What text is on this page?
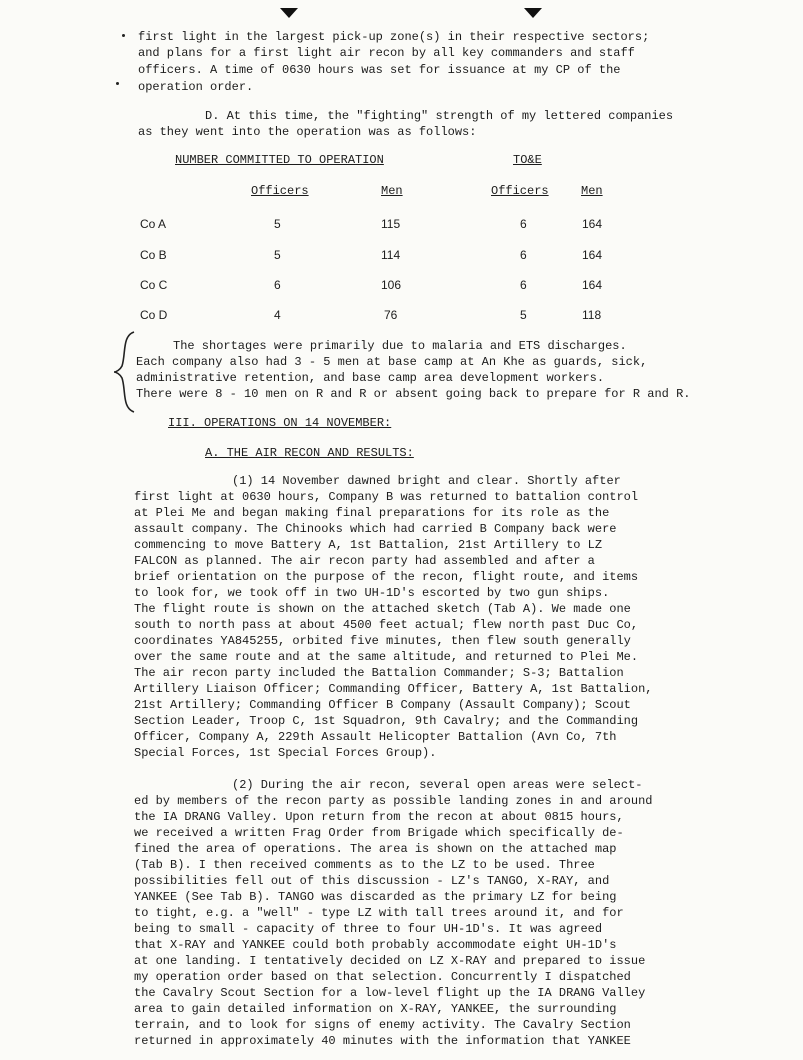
first light in the largest pick-up zone(s) in their respective sectors;
and plans for a first light air recon by all key commanders and staff
officers. A time of 0630 hours was set for issuance at my CP of the
operation order.
D. At this time, the "fighting" strength of my lettered companies
as they went into the operation was as follows:
NUMBER COMMITTED TO OPERATION	TO&E
Officers	Men	Officers	Men
Co A	5	115	6	164
Co B	5	114	6	164
Co C	6	106	6	164
Co D	4	76	5	118
The shortages were primarily due to malaria and ETS discharges.
Each company also had 3 - 5 men at base camp at An Khe as guards, sick,
administrative retention, and base camp area development workers.
There were 8 - 10 men on R and R or absent going back to prepare for R and R.
III. OPERATIONS ON 14 NOVEMBER:
A. THE AIR RECON AND RESULTS:
(1) 14 November dawned bright and clear. Shortly after
first light at 0630 hours, Company B was returned to battalion control
at Plei Me and began making final preparations for its role as the
assault company. The Chinooks which had carried B Company back were
commencing to move Battery A, 1st Battalion, 21st Artillery to LZ
FALCON as planned. The air recon party had assembled and after a
brief orientation on the purpose of the recon, flight route, and items
to look for, we took off in two UH-1D's escorted by two gun ships.
The flight route is shown on the attached sketch (Tab A). We made one
south to north pass at about 4500 feet actual; flew north past Duc Co,
coordinates YA845255, orbited five minutes, then flew south generally
over the same route and at the same altitude, and returned to Plei Me.
The air recon party included the Battalion Commander; S-3; Battalion
Artillery Liaison Officer; Commanding Officer, Battery A, 1st Battalion,
21st Artillery; Commanding Officer B Company (Assault Company); Scout
Section Leader, Troop C, 1st Squadron, 9th Cavalry; and the Commanding
Officer, Company A, 229th Assault Helicopter Battalion (Avn Co, 7th
Special Forces, 1st Special Forces Group).
(2) During the air recon, several open areas were select-
ed by members of the recon party as possible landing zones in and around
the IA DRANG Valley. Upon return from the recon at about 0815 hours,
we received a written Frag Order from Brigade which specifically de-
fined the area of operations. The area is shown on the attached map
(Tab B). I then received comments as to the LZ to be used. Three
possibilities fell out of this discussion - LZ's TANGO, X-RAY, and
YANKEE (See Tab B). TANGO was discarded as the primary LZ for being
to tight, e.g. a "well" - type LZ with tall trees around it, and for
being to small - capacity of three to four UH-1D's. It was agreed
that X-RAY and YANKEE could both probably accommodate eight UH-1D's
at one landing. I tentatively decided on LZ X-RAY and prepared to issue
my operation order based on that selection. Concurrently I dispatched
the Cavalry Scout Section for a low-level flight up the IA DRANG Valley
area to gain detailed information on X-RAY, YANKEE, the surrounding
terrain, and to look for signs of enemy activity. The Cavalry Section
returned in approximately 40 minutes with the information that YANKEE
